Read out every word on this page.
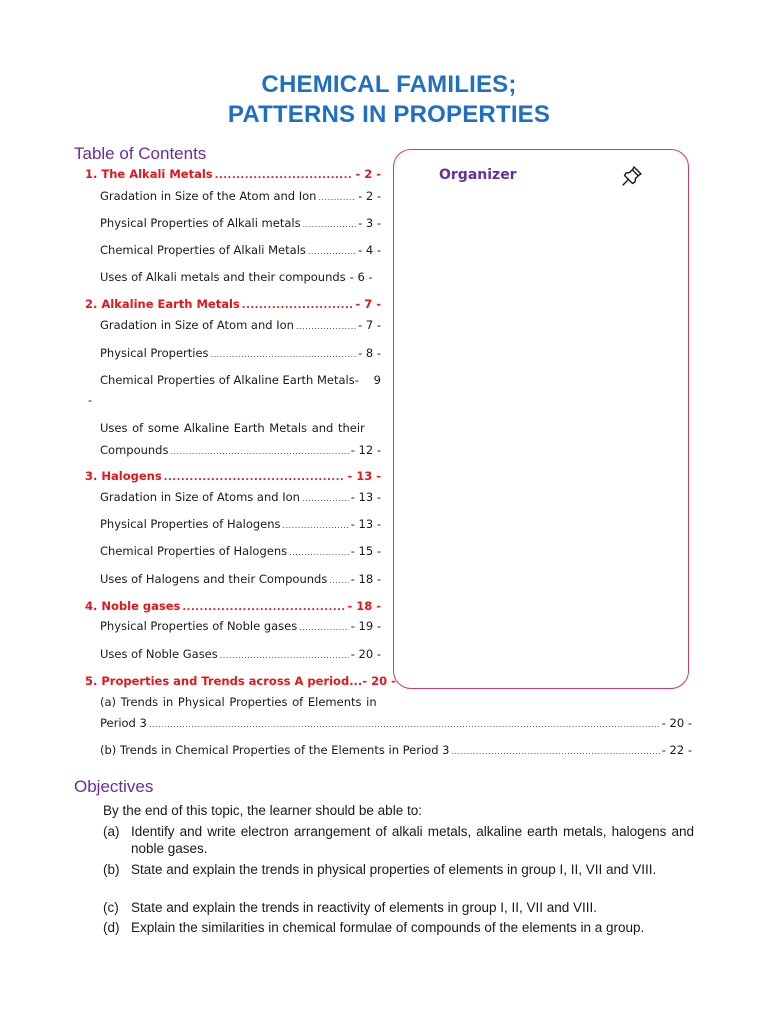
CHEMICAL FAMILIES;
PATTERNS IN PROPERTIES
Table of Contents
1. The Alkali Metals .....	- 2 -
Gradation in Size of the Atom and Ion .....	- 2 -
Physical Properties of Alkali metals .....	- 3 -
Chemical Properties of Alkali Metals .....	- 4 -
Uses of Alkali metals and their compounds - 6 -
2. Alkaline Earth Metals .....	- 7 -
Gradation in Size of Atom and Ion .....	- 7 -
Physical Properties .....	- 8 -
Chemical Properties of Alkaline Earth Metals- 9
-
Uses of some Alkaline Earth Metals and their
Compounds .....	- 12 -
3. Halogens .....	- 13 -
Gradation in Size of Atoms and Ion .....	- 13 -
Physical Properties of Halogens .....	- 13 -
Chemical Properties of Halogens .....	- 15 -
Uses of Halogens and their Compounds ..... - 18 -
4. Noble gases .....	- 18 -
Physical Properties of Noble gases .....	- 19 -
Uses of Noble Gases .....	- 20 -
5. Properties and Trends across A period... - 20 -
(a) Trends in Physical Properties of Elements in
Period 3 .....	- 20 -
(b) Trends in Chemical Properties of the Elements in Period 3 .....	- 22 -
Organizer
Objectives
By the end of this topic, the learner should be able to:
(a) Identify and write electron arrangement of alkali metals, alkaline earth metals, halogens and noble gases.
(b) State and explain the trends in physical properties of elements in group I, II, VII and VIII.
(c) State and explain the trends in reactivity of elements in group I, II, VII and VIII.
(d) Explain the similarities in chemical formulae of compounds of the elements in a group.
